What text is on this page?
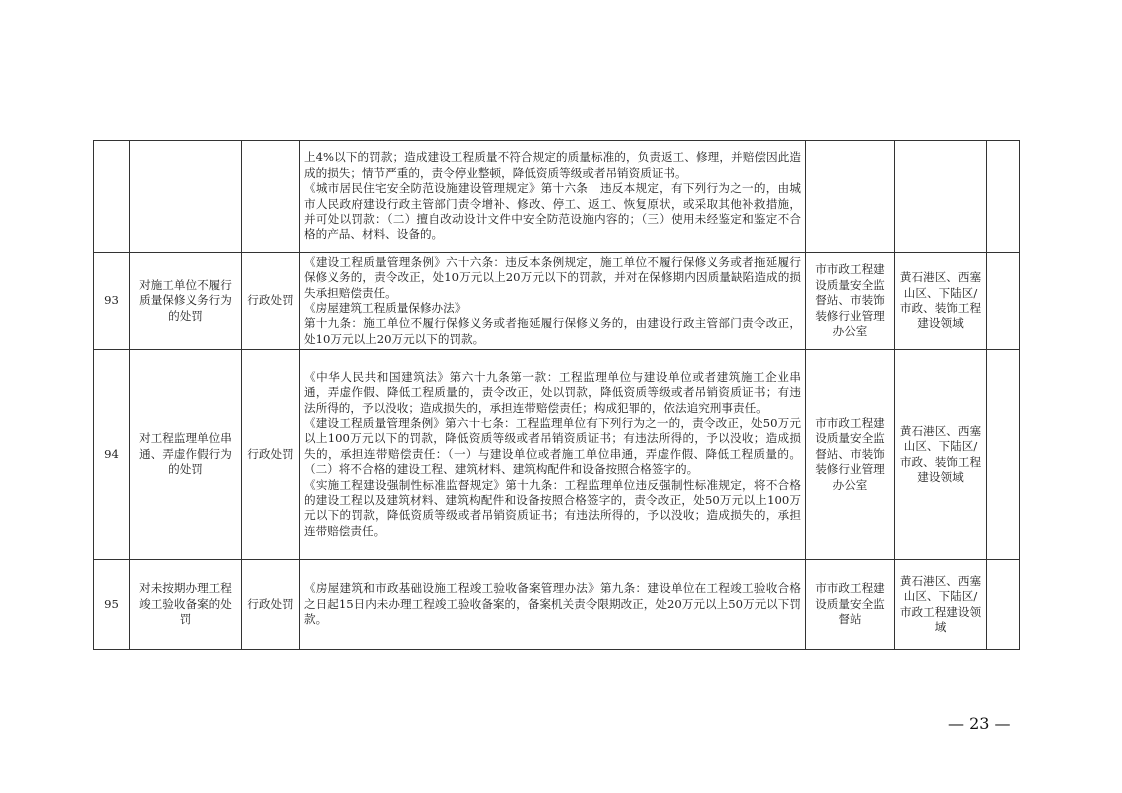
			上4%以下的罚款；造成建设工程质量不符合规定的质量标准的，负责返工、修理，并赔偿因此造成的损失；情节严重的，责令停业整顿，降低资质等级或者吊销资质证书。
《城市居民住宅安全防范设施建设管理规定》第十六条　违反本规定，有下列行为之一的，由城市人民政府建设行政主管部门责令增补、修改、停工、返工、恢复原状，或采取其他补救措施，并可处以罚款：（二）擅自改动设计文件中安全防范设施内容的；（三）使用未经鉴定和鉴定不合格的产品、材料、设备的。			

93	对施工单位不履行质量保修义务行为的处罚	行政处罚	《建设工程质量管理条例》六十六条：违反本条例规定，施工单位不履行保修义务或者拖延履行保修义务的，责令改正，处10万元以上20万元以下的罚款，并对在保修期内因质量缺陷造成的损失承担赔偿责任。
《房屋建筑工程质量保修办法》
第十九条：施工单位不履行保修义务或者拖延履行保修义务的，由建设行政主管部门责令改正，处10万元以上20万元以下的罚款。	市市政工程建设质量安全监督站、市装饰装修行业管理办公室	黄石港区、西塞山区、下陆区/市政、装饰工程建设领域	
94	对工程监理单位串通、弄虚作假行为的处罚	行政处罚	《中华人民共和国建筑法》第六十九条第一款：工程监理单位与建设单位或者建筑施工企业串通，弄虚作假、降低工程质量的，责令改正，处以罚款，降低资质等级或者吊销资质证书；有违法所得的，予以没收；造成损失的，承担连带赔偿责任；构成犯罪的，依法追究刑事责任。
《建设工程质量管理条例》第六十七条：工程监理单位有下列行为之一的，责令改正，处50万元以上100万元以下的罚款，降低资质等级或者吊销资质证书；有违法所得的，予以没收；造成损失的，承担连带赔偿责任：（一）与建设单位或者施工单位串通，弄虚作假、降低工程质量的。（二）将不合格的建设工程、建筑材料、建筑构配件和设备按照合格签字的。
《实施工程建设强制性标准监督规定》第十九条：工程监理单位违反强制性标准规定，将不合格的建设工程以及建筑材料、建筑构配件和设备按照合格签字的，责令改正，处50万元以上100万元以下的罚款，降低资质等级或者吊销资质证书；有违法所得的，予以没收；造成损失的，承担连带赔偿责任。	市市政工程建设质量安全监督站、市装饰装修行业管理办公室	黄石港区、西塞山区、下陆区/市政、装饰工程建设领域	
95	对未按期办理工程竣工验收备案的处罚	行政处罚	《房屋建筑和市政基础设施工程竣工验收备案管理办法》第九条：建设单位在工程竣工验收合格之日起15日内未办理工程竣工验收备案的，备案机关责令限期改正，处20万元以上50万元以下罚款。	市市政工程建设质量安全监督站	黄石港区、西塞山区、下陆区/市政工程建设领域	
— 23 —
